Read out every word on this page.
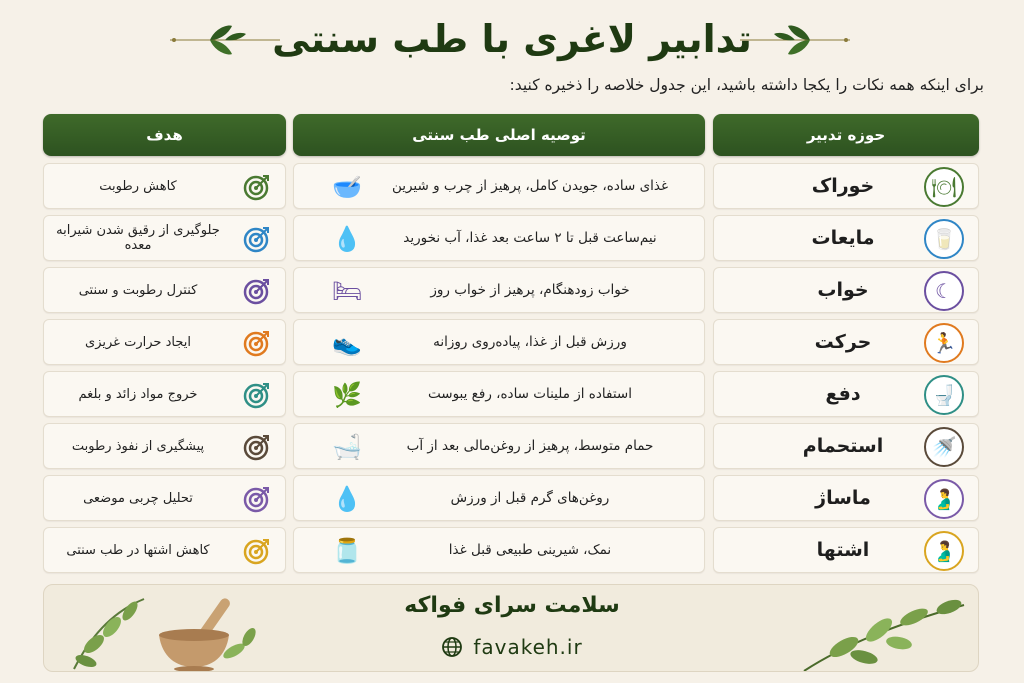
تدابیر لاغری با طب سنتی
برای اینکه همه نکات را یکجا داشته باشید، این جدول خلاصه را ذخیره کنید:
حوزه تدبیر
توصیه اصلی طب سنتی
هدف
🍽
خوراک
غذای ساده، جویدن کامل، پرهیز از چرب و شیرین
🥣
کاهش رطوبت
🥛
مایعات
نیم‌ساعت قبل تا ۲ ساعت بعد غذا، آب نخورید
💧
جلوگیری از رقیق شدن شیرابه معده
☾
خواب
خواب زودهنگام، پرهیز از خواب روز
🛏
کنترل رطوبت و سنتی
🏃
حرکت
ورزش قبل از غذا، پیاده‌روی روزانه
👟
ایجاد حرارت غریزی
🚽
دفع
استفاده از ملینات ساده، رفع یبوست
🌿
خروج مواد زائد و بلغم
🚿
استحمام
حمام متوسط، پرهیز از روغن‌مالی بعد از آب
🛁
پیشگیری از نفوذ رطوبت
🫃
ماساژ
روغن‌های گرم قبل از ورزش
💧
تحلیل چربی موضعی
🫃
اشتها
نمک، شیرینی طبیعی قبل غذا
🫙
کاهش اشتها در طب سنتی
سلامت سرای فواکه
favakeh.ir
